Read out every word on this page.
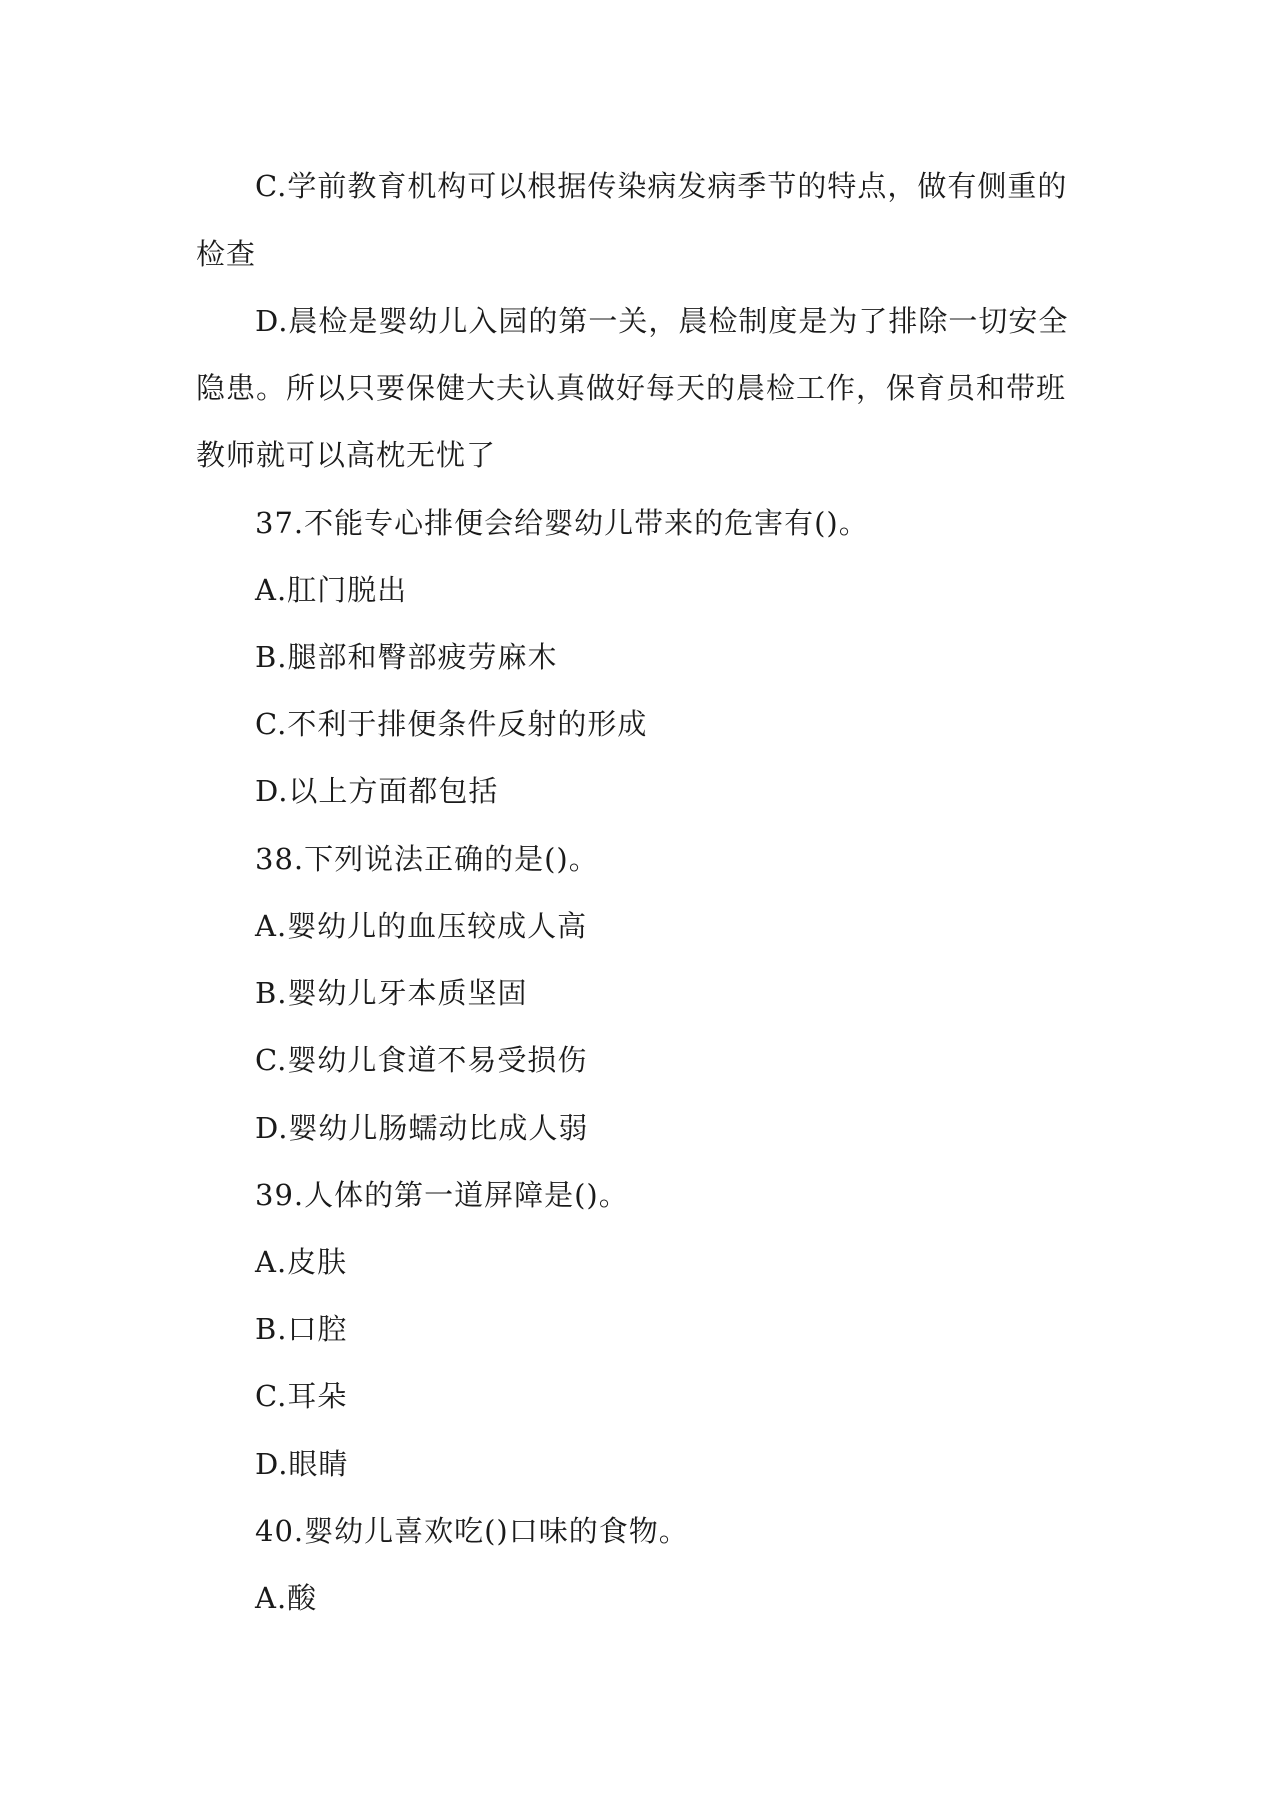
C.学前教育机构可以根据传染病发病季节的特点，做有侧重的
检查
D.晨检是婴幼儿入园的第一关，晨检制度是为了排除一切安全
隐患。所以只要保健大夫认真做好每天的晨检工作，保育员和带班
教师就可以高枕无忧了
37.不能专心排便会给婴幼儿带来的危害有()。
A.肛门脱出
B.腿部和臀部疲劳麻木
C.不利于排便条件反射的形成
D.以上方面都包括
38.下列说法正确的是()。
A.婴幼儿的血压较成人高
B.婴幼儿牙本质坚固
C.婴幼儿食道不易受损伤
D.婴幼儿肠蠕动比成人弱
39.人体的第一道屏障是()。
A.皮肤
B.口腔
C.耳朵
D.眼睛
40.婴幼儿喜欢吃()口味的食物。
A.酸
